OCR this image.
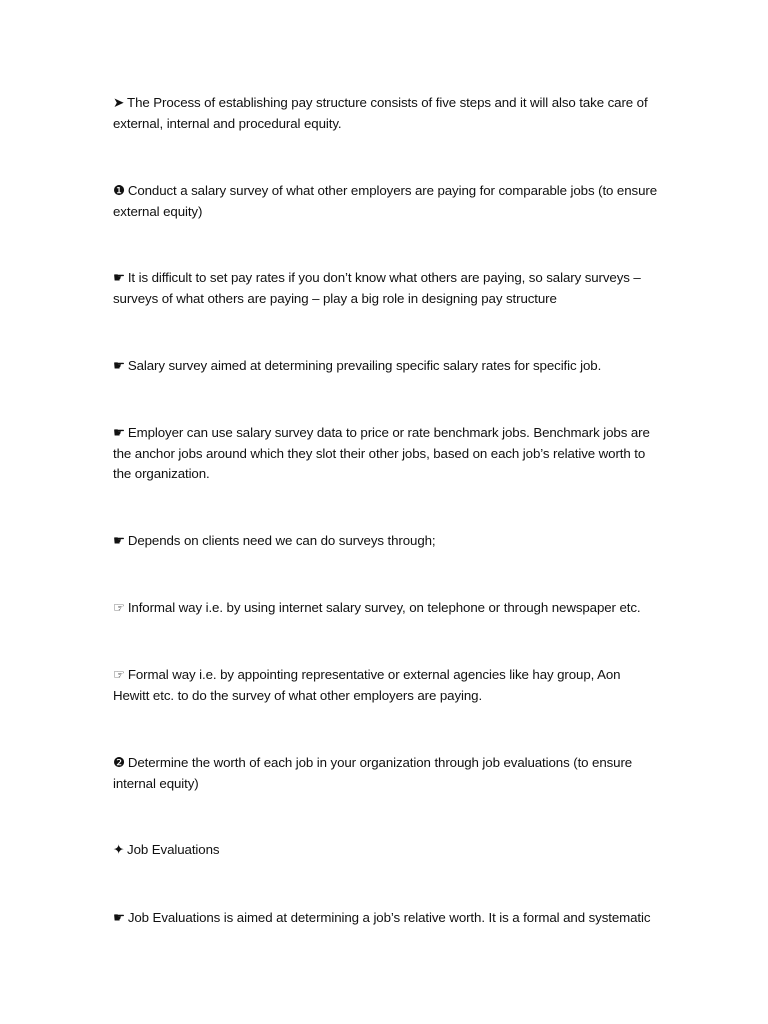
➤ The Process of establishing pay structure consists of five steps and it will also take care of external, internal and procedural equity.

❶ Conduct a salary survey of what other employers are paying for comparable jobs (to ensure external equity)

☛ It is difficult to set pay rates if you don’t know what others are paying, so salary surveys – surveys of what others are paying – play a big role in designing pay structure

☛ Salary survey aimed at determining prevailing specific salary rates for specific job.

☛ Employer can use salary survey data to price or rate benchmark jobs. Benchmark jobs are the anchor jobs around which they slot their other jobs, based on each job’s relative worth to the organization.

☛ Depends on clients need we can do surveys through;

☞ Informal way i.e. by using internet salary survey, on telephone or through newspaper etc.

☞ Formal way i.e. by appointing representative or external agencies like hay group, Aon Hewitt etc. to do the survey of what other employers are paying.

❷ Determine the worth of each job in your organization through job evaluations (to ensure internal equity)

✦ Job Evaluations

☛ Job Evaluations is aimed at determining a job’s relative worth. It is a formal and systematic
